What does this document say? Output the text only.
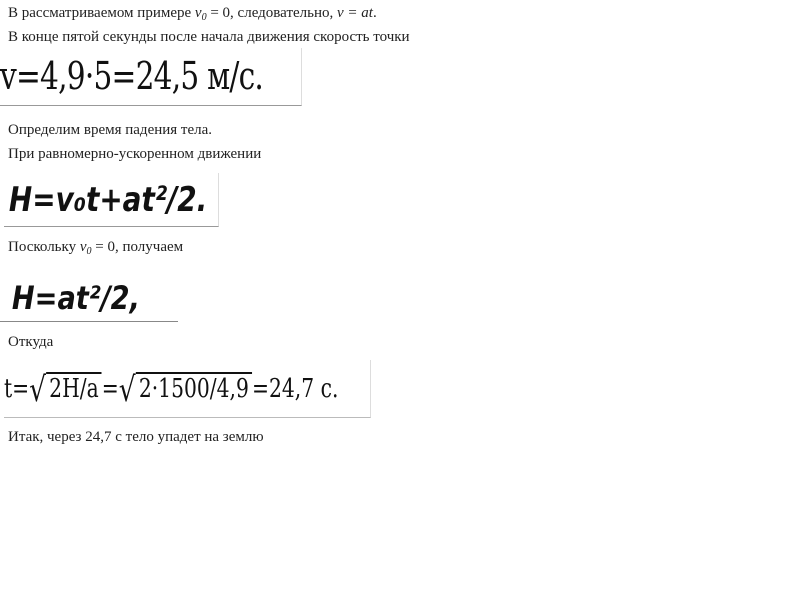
В рассматриваемом примере $v_0 = 0$, следовательно, v = at.
В конце пятой секунды после начала движения скорость точки
v=4,9·5=24,5 м/с.
Определим время падения тела.
При равномерно-ускоренном движении
H=v₀t+at²/2.
Поскольку $v_0 = 0$, получаем
H=at²/2,
Откуда
t=√ 2H/a =√ 2·1500/4,9 =24,7 с.
Итак, через 24,7 с тело упадет на землю
